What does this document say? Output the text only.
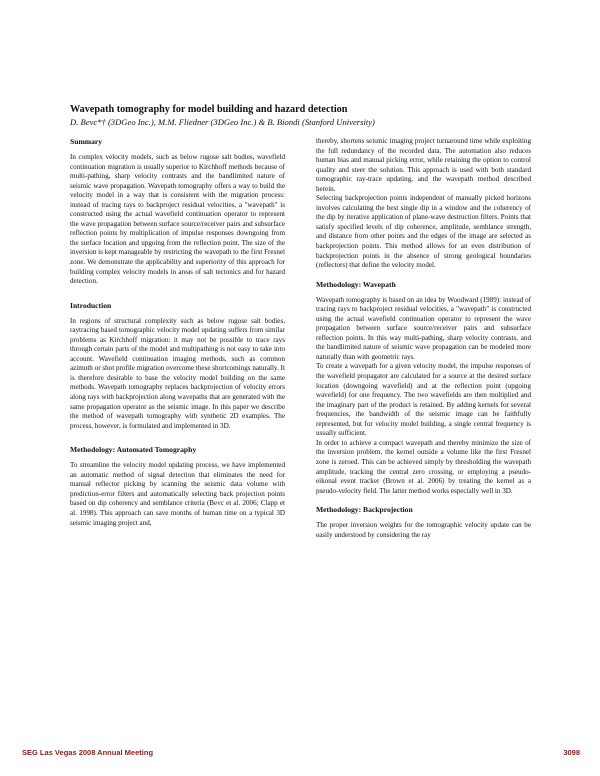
Wavepath tomography for model building and hazard detection
D. Bevc*† (3DGeo Inc.), M.M. Fliedner (3DGeo Inc.) & B. Biondi (Stanford University)
Summary

In complex velocity models, such as below rugose salt bodies, wavefield continuation migration is usually superior to Kirchhoff methods because of multi-pathing, sharp velocity contrasts and the bandlimited nature of seismic wave propagation. Wavepath tomography offers a way to build the velocity model in a way that is consistent with the migration process: instead of tracing rays to backproject residual velocities, a "wavepath" is constructed using the actual wavefield continuation operator to represent the wave propagation between surface source/receiver pairs and subsurface reflection points by multiplication of impulse responses downgoing from the surface location and upgoing from the reflection point. The size of the inversion is kept manageable by restricting the wavepath to the first Fresnel zone. We demonstrate the applicability and superiority of this approach for building complex velocity models in areas of salt tectonics and for hazard detection.

Introduction

In regions of structural complexity such as below rugose salt bodies, raytracing based tomographic velocity model updating suffers from similar problems as Kirchhoff migration: it may not be possible to trace rays through certain parts of the model and multipathing is not easy to take into account. Wavefield continuation imaging methods, such as common azimuth or shot profile migration overcome these shortcomings naturally. It is therefore desirable to base the velocity model building on the same methods. Wavepath tomography replaces backprojection of velocity errors along rays with backprojection along wavepaths that are generated with the same propagation operator as the seismic image. In this paper we describe the method of wavepath tomography with synthetic 2D examples. The process, however, is formulated and implemented in 3D.

Methodology: Automated Tomography

To streamline the velocity model updating process, we have implemented an automatic method of signal detection that eliminates the need for manual reflector picking by scanning the seismic data volume with prediction-error filters and automatically selecting back projection points based on dip coherency and semblance criteria (Bevc et al. 2006; Clapp et al. 1998). This approach can save months of human time on a typical 3D seismic imaging project and,

thereby, shortens seismic imaging project turnaround time while exploiting the full redundancy of the recorded data. The automation also reduces human bias and manual picking error, while retaining the option to control quality and steer the solution. This approach is used with both standard tomographic ray-trace updating, and the wavepath method described herein.

Selecting backprojection points independent of manually picked horizons involves calculating the best single dip in a window and the coherency of the dip by iterative application of plane-wave destruction filters. Points that satisfy specified levels of dip coherence, amplitude, semblance strength, and distance from other points and the edges of the image are selected as backprojection points. This method allows for an even distribution of backprojection points in the absence of strong geological boundaries (reflectors) that define the velocity model.

Methodology: Wavepath

Wavepath tomography is based on an idea by Woodward (1989): instead of tracing rays to backproject residual velocities, a "wavepath" is constructed using the actual wavefield continuation operator to represent the wave propagation between surface source/receiver pairs and subsurface reflection points. In this way multi-pathing, sharp velocity contrasts, and the bandlimited nature of seismic wave propagation can be modeled more naturally than with geometric rays.

To create a wavepath for a given velocity model, the impulse responses of the wavefield propagator are calculated for a source at the desired surface location (downgoing wavefield) and at the reflection point (upgoing wavefield) for one frequency. The two wavefields are then multiplied and the imaginary part of the product is retained. By adding kernels for several frequencies, the bandwidth of the seismic image can be faithfully represented, but for velocity model building, a single central frequency is usually sufficient.

In order to achieve a compact wavepath and thereby minimize the size of the inversion problem, the kernel outside a volume like the first Fresnel zone is zeroed. This can be achieved simply by thresholding the wavepath amplitude, tracking the central zero crossing, or employing a pseudo-eikonal event tracker (Brown et al. 2006) by treating the kernel as a pseudo-velocity field. The latter method works especially well in 3D.

Methodology: Backprojection

The proper inversion weights for the tomographic velocity update can be easily understood by considering the ray

SEG Las Vegas 2008 Annual Meeting	3098
